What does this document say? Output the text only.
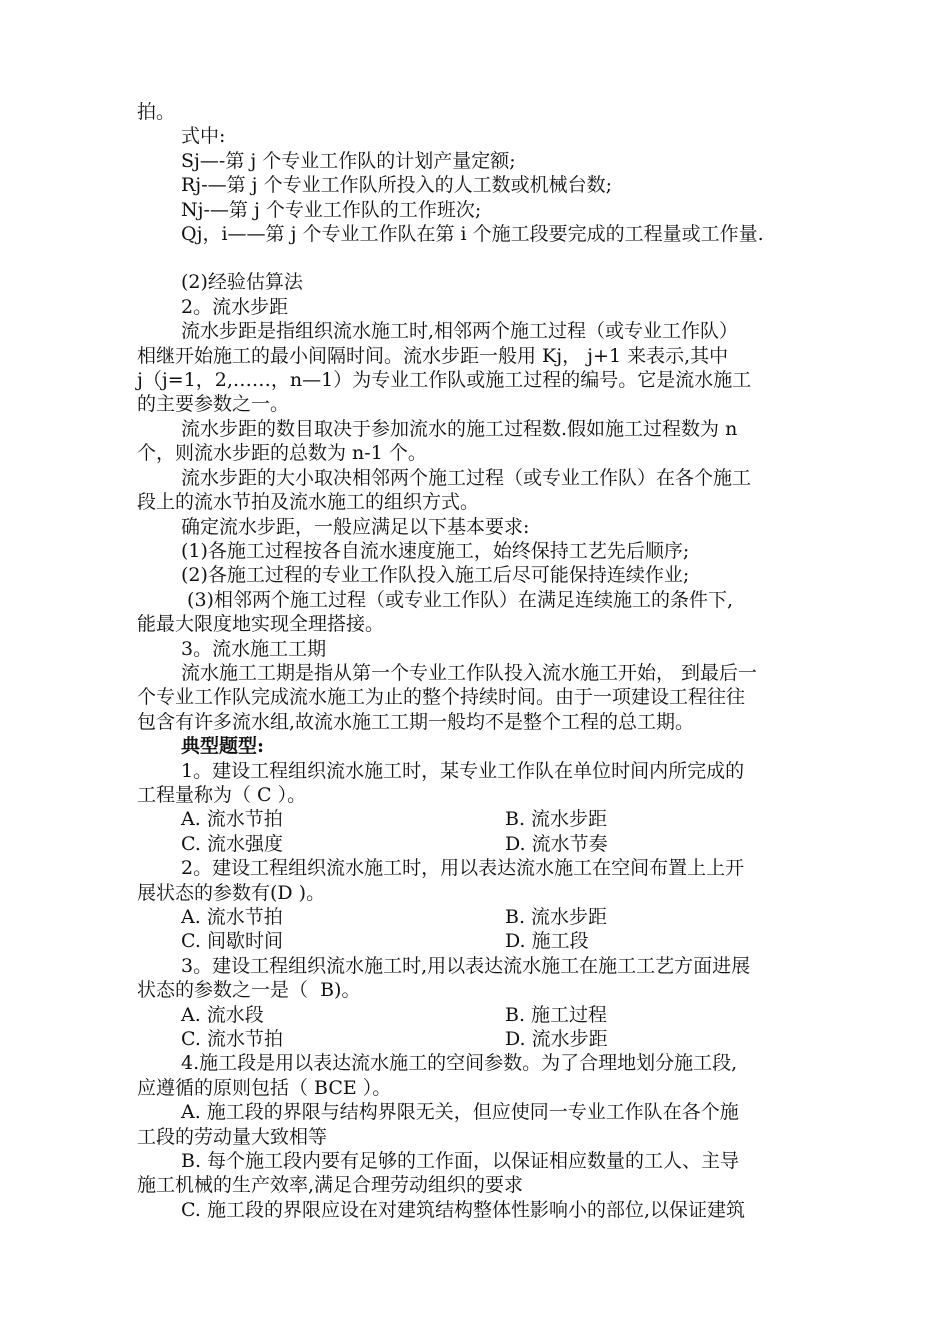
拍。

式中:

Sj—-第 j 个专业工作队的计划产量定额;

Rj-—第 j 个专业工作队所投入的人工数或机械台数;

Nj-—第 j 个专业工作队的工作班次;

Qj，i——第 j 个专业工作队在第 i 个施工段要完成的工程量或工作量.

(2)经验估算法

2。流水步距

流水步距是指组织流水施工时,相邻两个施工过程（或专业工作队）

相继开始施工的最小间隔时间。流水步距一般用 Kj， j+1 来表示,其中

j（j=1，2,……，n—1）为专业工作队或施工过程的编号。它是流水施工

的主要参数之一。

流水步距的数目取决于参加流水的施工过程数.假如施工过程数为 n

个，则流水步距的总数为 n-1 个。

流水步距的大小取决相邻两个施工过程（或专业工作队）在各个施工

段上的流水节拍及流水施工的组织方式。

确定流水步距，一般应满足以下基本要求:

(1)各施工过程按各自流水速度施工，始终保持工艺先后顺序;

(2)各施工过程的专业工作队投入施工后尽可能保持连续作业;

(3)相邻两个施工过程（或专业工作队）在满足连续施工的条件下,

能最大限度地实现全理搭接。

3。流水施工工期

流水施工工期是指从第一个专业工作队投入流水施工开始， 到最后一

个专业工作队完成流水施工为止的整个持续时间。由于一项建设工程往往

包含有许多流水组,故流水施工工期一般均不是整个工程的总工期。

典型题型:

1。建设工程组织流水施工时，某专业工作队在单位时间内所完成的

工程量称为（ C ）。

A. 流水节拍	B. 流水步距
C. 流水强度	D. 流水节奏

2。建设工程组织流水施工时，用以表达流水施工在空间布置上上开

展状态的参数有(D )。

A. 流水节拍	B. 流水步距
C. 间歇时间	D. 施工段

3。建设工程组织流水施工时,用以表达流水施工在施工工艺方面进展

状态的参数之一是（  B)。

A. 流水段	B. 施工过程
C. 流水节拍	D. 流水步距

4.施工段是用以表达流水施工的空间参数。为了合理地划分施工段,

应遵循的原则包括（ BCE ）。

A. 施工段的界限与结构界限无关，但应使同一专业工作队在各个施

工段的劳动量大致相等

B. 每个施工段内要有足够的工作面，以保证相应数量的工人、主导

施工机械的生产效率,满足合理劳动组织的要求

C. 施工段的界限应设在对建筑结构整体性影响小的部位,以保证建筑
